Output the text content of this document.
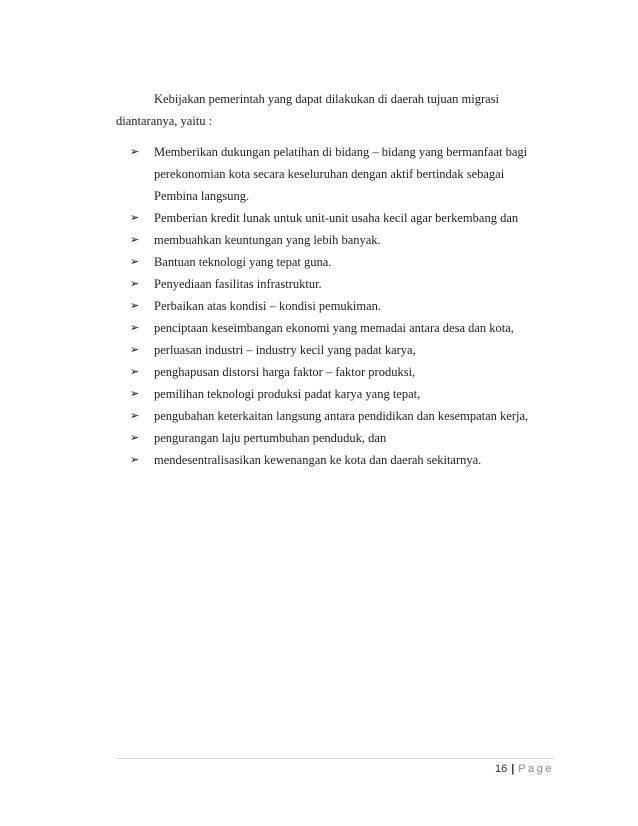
Kebijakan pemerintah yang dapat dilakukan di daerah tujuan migrasi
diantaranya, yaitu :
➢ Memberikan dukungan pelatihan di bidang – bidang yang bermanfaat bagi
perekonomian kota secara keseluruhan dengan aktif bertindak sebagai
Pembina langsung.
➢ Pemberian kredit lunak untuk unit-unit usaha kecil agar berkembang dan
➢ membuahkan keuntungan yang lebih banyak.
➢ Bantuan teknologi yang tepat guna.
➢ Penyediaan fasilitas infrastruktur.
➢ Perbaikan atas kondisi – kondisi pemukiman.
➢ penciptaan keseimbangan ekonomi yang memadai antara desa dan kota,
➢ perluasan industri – industry kecil yang padat karya,
➢ penghapusan distorsi harga faktor – faktor produksi,
➢ pemilihan teknologi produksi padat karya yang tepat,
➢ pengubahan keterkaitan langsung antara pendidikan dan kesempatan kerja,
➢ pengurangan laju pertumbuhan penduduk, dan
➢ mendesentralisasikan kewenangan ke kota dan daerah sekitarnya.
16 | Page
